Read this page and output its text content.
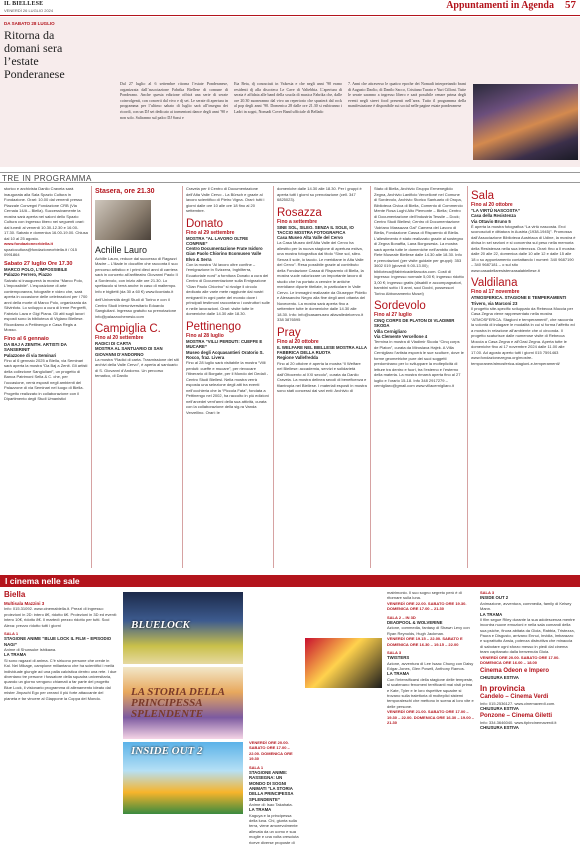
IL BIELLESE
VENERDÌ 26 LUGLIO 2024	Appuntamenti in Agenda 57
DA SABATO 28 LUGLIO
Ritorna da domani sera l’estate Ponderanese
Dal 27 luglio al 6 settembre ritorna l’estate Ponderanese, organizzata dall’associazione Fabrika Biellese di comune di Ponderano. Anche questa edizione offrirà una serie di serate coinvolgenti, con concerti dal vivo e dj set. Le serate di apertura in programma per l’ultimo sabato di luglio sarà all’insegna dei ricordi, con un DJ set dedicato ai tormentoni dance degli anni ’90 e non solo. Saliranno sul palco DJ Sassi e
Eta Beta, dj conosciuti in Valsesia e che negli anni ’90 erano residenti dj alla discoteca Le Cave di Valtebbia. L’apertura di serata è affidata alle band della scuola di musica Fabrika che, dalle ore 20.30 suoneranno dal vivo un repertorio che spazierà dal rock al pop degli anni ’90. Domenica 28 dalle ore 21.30 si esibiranno i Ladri in sogni, Nomadi Cover Band ufficiale di Bellado
7. Anni che attraverso le quattro epoche dei Nomadi interpretando brani di Augusto Daolio, di Danilo Sacco, Cristiano Turato e Yuri Cilloni. Tutte le serate saranno a ingresso libero e sarà possibile cenare prima degli eventi negli street food presenti nell’area. Tutto il programma della manifestazione è disponibile sui social nelle pagine estate ponderanese
TRE IN PROGRAMMA
storico e archivista Danilo Craveia sarà inaugurata alla Sala Spazio Cultura in Fondazione. Orari: 10.00 dal venerdì presso Piazzale Convegni Fondazione CRB (Via Cernaia 14/A – Biella). Successivamente la mostra sarà aperta nei saloni dello Spazio Cultura con ingresso libero nei seguenti orari: dal lunedì al venerdì 10.30-12.30 e 16.00-17.30. Sabato e domenica 16.00-19.00. Chiusa dal 10 al 25 agosto.
www.fondazionecrbiella.it
spaziocultura@fondazionecrbiella.it / 015 0991864
Sabato 27 luglio Ore 17.30
MARCO POLO, L’IMPOSSIBILE
Palazzo Ferrero, Piazzo
Salvato si inaugurerà la mostra “Marco Polo, L’impossibile”. L’esposizione di arte contemporanea, fotografie e video che, sarà aperta in occasione delle celebrazioni per i 700 anni della morte di Marco Polo, organizzata da Silvinfoto. Lo sviluppo a cura di Irene Pergreffi, Fabrizio Lava e Gigi Piana. Gli atti sugli lavori esposti sono la biblioteca di Viglano Biellese. Ricordiamo a Pettinengo e Casa Regis a Mosso.
Fino al 6 gennaio
DA BAJ A ZENITH. ARTISTI DA SANSERINIT
Palazzone di via Seminari
Fino al 6 gennaio 2025 a Biella, via Seminari sarà aperta la mostra “Da Baj a Zenit. Gli artisti della collezione Sangiuliani”, un progetto di Banca Patrimoni Sella & C. che, per l’occasione, verrà esposti negli ambienti del Palazzone di via Seminari nel luogo di Biella. Progetto realizzato in collaborazione con il Dipartimento degli Studi Umanistici
Stasera, ore 21.30
Achille Lauro
Achille Lauro, reduce dal successo di Ragazzi Madre – L’iliade in docufilm che racconta il suo percorso artistico e i primi dieci anni di carriera sarà in concerto all’anfiteatro Giovanni Paolo II a Sordevolo, con inizio alle ore 21.30. Lo spettacolo si terrà anche in caso di maltempo. Info e biglietti (da 30 a 60 €) www.ilcontato.it
dell’Università degli Studi di Torino e con il Centro Studi interuniversitario Edoardo Sangiuliani. Ingresso gratuito su prenotazione info@palazzochenesio.com
Campiglia C.
Fino al 20 settembre
RADICI DI CARTA
MOSTRA AL SANTUARIO DI SAN GIOVANNI D’ANDORNO
La mostra “Radici di carta. Trasmissione dei siti archivi della Valle Cervo”, è aperta al santuario di S. Giovanni d’Andorno. Un percorso tematico, di Danilo
Craveia per il Centro di Documentazione dell’Alta Valle Cervo - La Bürsch e grazie al lavoro scientifico di Pietro Vigna. Orari: tutti i giorni dalle ore 10 alle ore 18 fino al 20 settembre.
Donato
Fino al 29 settembre
MOSTRA “AL LAVORO OLTRE CONFINE”
Centro Documentazione Frate Isidoro Gian Paolo Chiorino Ecomuseo Valle Elvo & Serra
Con la mostra “Al lavoro oltre confine – l’emigrazione in Svizzera, Inghilterra, Ecuatoriale nord” a fornitura Donato a cura del Centro di Documentazione sulla Emigrazione “Gian Paolo Chiorino” si rivolge il circolo dedicato alle varie mete raggiunte dai nostri emigranti in ogni parte del mondo dove i principali testimoni raccontano i costruttori sulle e nelle lavorazioni. Orari: visite tutte le domeniche dalle 14.30 alle 18.30.
Pettinengo
Fino al 28 luglio
MOSTRA “VILLI PERDUTI: CUEFFE E MUCARE”
Museo degli Acquasantieri Oratorio S. Rocco, fraz. Livera
Fino al 28 luglio sarà visitabile la mostra “Villi perduti: cueffe e mucare”, per rievocare l’itinerario di Borgate, per il Mondo dei Dedali - Centro Studi Biellesi. Nella mostra verrà esposta una selezione degli atti tra eventi nell’occhieria che la “Piccola Fata”, fondata a Pettinengo nel 2002, ha raccolto in più edizioni nell’arcedei vent’anni della sua attività, curata con la collaborazione della sig.ra Vanda Verzellino. Orari: le
domeniche dalle 14.30 alle 18.30. Per i gruppi è aperta tutti i giorni su prenotazione (cell. 347 6825023).
Rosazza
Fino a settembre
SINE SOL, SILEO. SENZA IL SOLE, IO TACCIO MOSTRA FOTOGRAFICA
Casa Museo Alta Valle del Cervo
La Casa Museo dell’Alta Valle del Cervo ha allestito per la nuova stagione di apertura estiva, una mostra fotografica dal titolo “Sine sol, sileo. Senza il sole, io taccio. Le meridiane in Alta Valle del Cervo”. Resa possibile grazie al contributo della Fondazione Cassa di Risparmio di Biella, la mostra vuole valorizzare un importante lavoro di studio che ha portato a censire le antiche meridiane diporte titellate, in particolare in Valle Cervo. Le immagini realizzate da Giuseppe Pidello e Alessandro Negro alla fine degli anni ottanta del Novecento. La mostra sarà aperta fino a settembre tutte le domeniche dalle 14.30 alle 18.30. Info: info@casamuseo altavalledelcervo.it 338 3876595
Pray
Fino al 20 ottobre
IL WELFARE NEL BIELLESE MOSTRA ALLA FABBRICA DELLA RUOTA
Regione Vallefredda
Fino al 20 ottobre è aperta la mostra “Il Welfare nel Biellese: accademia, servizi e solidarietà dall’Ottocento al XXI secolo”, curata da Danilo Craveia. La mostra delinea secoli di beneficenza e filantropia nel Biellese. I materiali esposti in mostra sono stati concessi dai vari enti: Archivio di
Stato di Biella, Archivio Gruppo Ermenegildo Zegna, Archivio Lanificio Vercelloné nel Comune di Sordevolo, Archivio Storico Santuario di Oropa, Biblioteca Civica di Biella, Comento di Commercio Mente Rosa Lughi Alto Piemonte – Biella; Centro di Documentazione dell’Industria Tessile – Dock; Centro Studi Biellesi; Centro di Documentazione “Adriano Massazza Gal” Camera del Lavoro di Biella, Fondazione Cassa di Risparmio di Biella. L’allestimento è stato realizzato grazie al sostegno di Zegna Bonaffia, Lana Borgosesia. La mostra sarà aperta tutte le domeniche nell’ambito della Rete Museale Biellese dalle 14.30 alle 18.30. Info e prenotazioni (per visite guidate per gruppi): 353 3602 019 (giovedì 9.00-13.00); biblioteca@fabbricadellaruota.com. Costi di ingresso: ingresso normale 5,00 €; ingresso ridotto 3,00 €; ingresso gratis (disabili e accompagnatori, bambini sotto i 5 anni, soci Docbi, possessori Torino Abbonamento Musei)
Sordevolo
Fino al 27 luglio
CINQ CORPS DE PLATON DI VLADIMIR SKODA
Villa Cernigliaro
Via Clemente Vercellone 4
Termina in mostra di Vladimir Skoda “Cinq corps de Platon”, curata da Miroslava Hajek. A Villa Cernigliaro l’artista esporrà le sue sculture, dove le forme geometriche pure dei suoi soggetti predominano per lo sviluppare la molteplicità di letture tra dentro e fuori, tra l’esterno e l’esterno della materia. La mostra rimarrà aperta fino al 27 luglio e l’orario 15-18. Info 348 2917279 – cernigliaro@gmail.com www.villacernigliaro.it
Sala
Fino al 20 ottobre
“LA VIRTÙ NASCOSTA”
Casa della Resistenza
Via Ottavio Bruno 5
È aperta la mostra fotografica “La virtù nascosta. Eroi sconosciuti e dittatura in Austria (1938-1945)”. Promossa dall’Associazione Biblioteca Austriaca di Udine, la mostra è divisa in sei sezioni e si concentra sul peso nella memoria della Resistenza nella sua interezza. Orari: fino a Il mostra: dalle 20 alle 22, domenica dalle 10 alle 12 e dalle 15 alle 18 o su appuntamento contattando i numeri: 340 9687190 – 340 9687181 – o sul sito www.casadellaresistenzasalabiellese.it
Valdilana
Fino al 17 novembre
ATMOSFERICA. STAGIONE E TEMPERAMENTI
Trivero, via Marconi 23
Il progetto site-specific sviluppato da Rebecca Moccia per Casa Zegna viene rappresentato nella mostra “ATMOSFERICA. Stagioni e temperamenti”, che racconta la volontà di indagare le modalità in cui si forma l’affetto ed a mostra in relazione all’ambiente che ci circonda. Il progetto scaturisce dalle numerose visite di Rebecca Moccia a Casa Zegna e all’Oasi Zegna. Aperta tutte le domeniche fino al 17 novembre 2024 dalle 11.00 alle 17.00. Ad agosto aperto tutti i giorni 015 7591463 www.fondazionezegna.org/mostre-temporanee/atmosferica-stagioni-e-temperamenti/
I cinema nelle sale
Biella
Multisala Mazzini 3
Info: 015.31092. www.cinemabiella.it. Prezzi di ingresso: proiezioni in 2D: intero 8€, ridotto 6€. Proiezioni in 3D ed eventi: intero 10€, ridotto 8€. Il martedì prezzo ridotto per tutti. Soci Alexa: prezzo ridotto tutti i giorni
SALA 1
STAGIONE ANIME “BLUE LOCK IL FILM – EPISODIO NAGI”
Anime di Shunsuke Ishikawa.
LA TRAMA
Si sono ragazzi di anima. C’è siriuono persone che crede in Kai. Nei Mikage, campione millantano che ha scientifici i meilà individuale giungle ad una palla calcistica dentro una rete. I due diventano tre persone i fossatore della squadra universitaria, quando un giorno vengono chiamati a far parte del progetto Blue Lock, il visionario programma di allenamento ideato dal mister Jinpachi Ego per crearci il più forte attaccante del pianeta e far vincere al Giappone la Coppa del Mondo.
BLUELOCK
LA STORIA DELLA PRINCIPESSA SPLENDENTE
INSIDE OUT 2
VENERDÌ ORE 20.00. SABATO ORE 17.00 – 22.00. DOMENICA ORE 19.30
SALA 1
STAGIONE ANIME: RASSEGNA: UN MONDO DI SOGNI ANIMATI “LA STORIA DELLA PRINCIPESSA SPLENDENTE”
Anime di: Isao Takahata.
LA TRAMA
Kaguya e la principessa della luna. Chi, giunta sulla terra, viene amorevolmente allevata da un uomo e sua moglie e una volta cresciuta riceve diverse proposte di
matrimonio. Il suo sogno segreto però è di ritornare sulla luna.
VENERDÌ ORE 22.00. SABATO ORE 19.30. DOMENICA ORE 17.00 – 21.30
SALA 2 – IN 3D
DEADPOOL & WOLVERINE
Azione, commedia, fantasy di Shawn Levy con Ryan Reynolds, Hugh Jackman.
VENERDÌ ORE 19.15 – 22.00. SABATO E DOMENICA ORE 16.30 – 19.15 – 22.00
SALA 3
TWISTERS
Azione, avventura di Lee Isaac Chung con Daisy Edgar-Jones, Glen Powell, Anthony Ramos.
LA TRAMA
Con l’intensificarsi della stagione delle tempeste, si scatenano fenomeni terrificanti mai visti prima e Kate, Tyler e le loro rispettive squadre si trovano sulla traiettoria di molteplici sistemi temporaleschi che mettono in scena ai loro vite e delle persone.
VENERDÌ ORE 21.00. SABATO ORE 17.00 – 19.30 – 22.00. DOMENICA ORE 16.30 – 19.00 – 21.30
SALA 3
INSIDE OUT 2
Animazione, avventura, commedia, family di Kelsey Mann.
LA TRAMA
Il film segue Riley durante la sua adolescenza mentre incontra nuove emozioni e nella sala comandi della sua psiche, finora abitata da Gioia, Rabbia, Tristezza, Paura e Disgusto, arrivano Ennui, Invidia, Imbarazzo e soprattutto Ansia, potenza distruttiva che minaccia di sabotare ogni sforzo messo in piedi dal cinema team capitanato dalla benvenuta Gioia.
VENERDÌ ORE 20.00. SABATO ORE 17.00. DOMENICA ORE 16.00 – 18.00
Cinema Odeon e Impero
CHIUSURA ESTIVA
In provincia
Candelo – Cinema Verdi
Info: 015.2536127. www.cinemaverdi.com.
CHIUSURA ESTIVA
Ponzone – Cinema Giletti
Info: 334.3646040. www.tipbrcinemaverdi.it
CHIUSURA ESTIVA
